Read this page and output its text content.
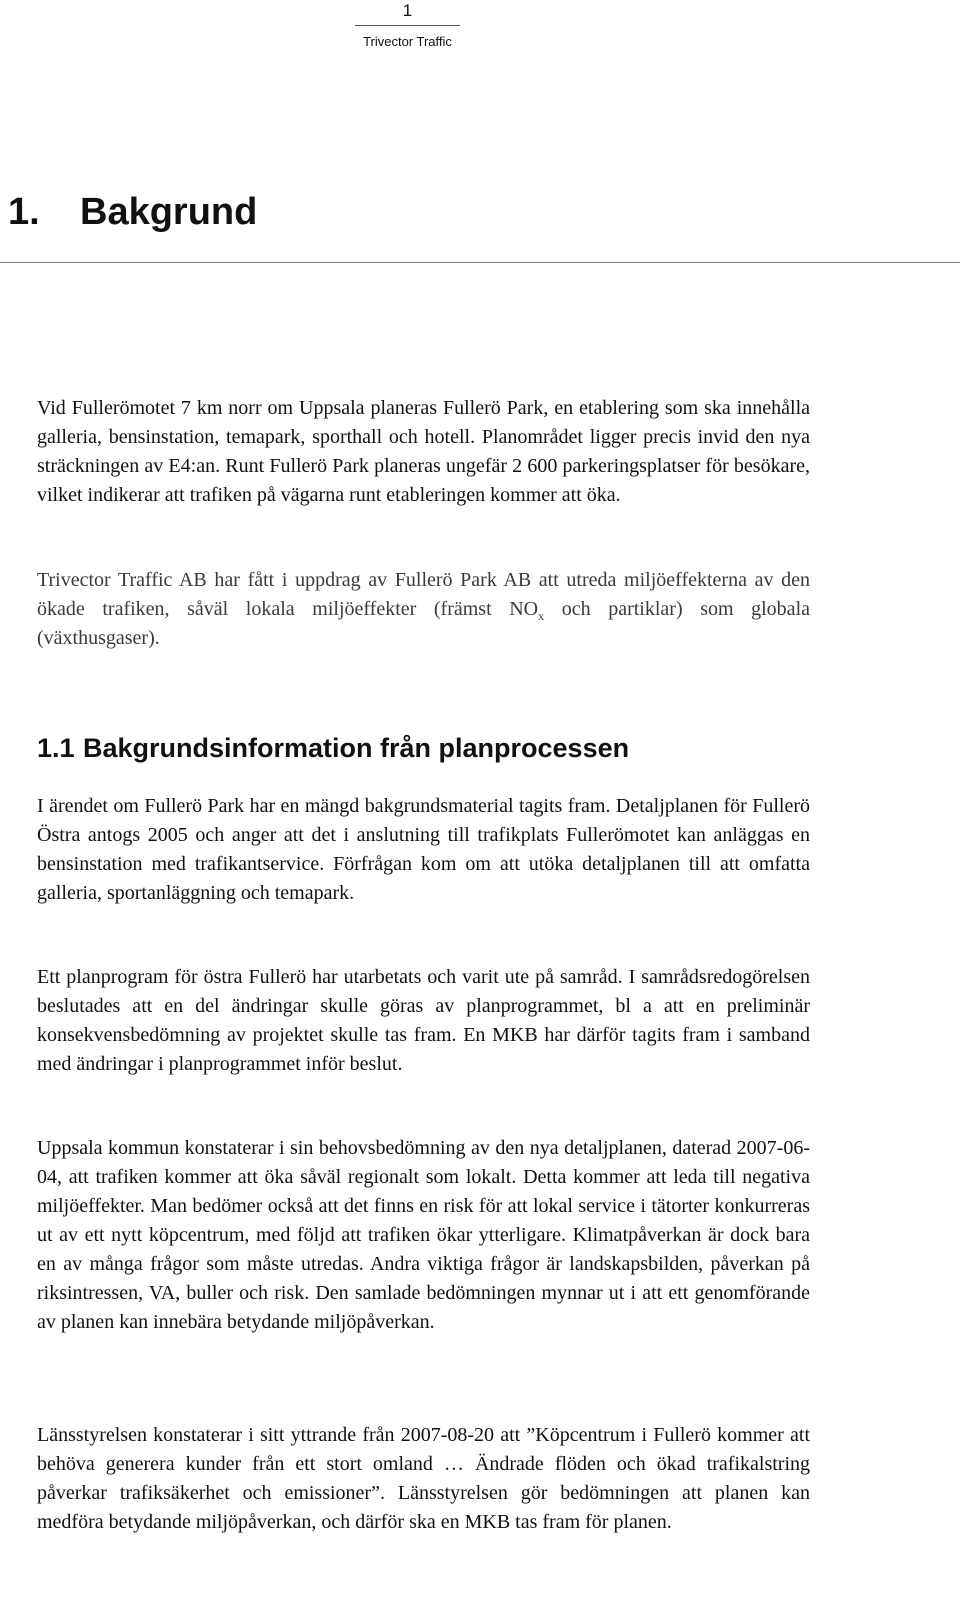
1
Trivector Traffic
1. Bakgrund

Vid Fullerömotet 7 km norr om Uppsala planeras Fullerö Park, en etablering som ska innehålla galleria, bensinstation, temapark, sporthall och hotell. Planområdet ligger precis invid den nya sträckningen av E4:an. Runt Fullerö Park planeras ungefär 2 600 parkeringsplatser för besökare, vilket indikerar att trafiken på vägarna runt etableringen kommer att öka.

Trivector Traffic AB har fått i uppdrag av Fullerö Park AB att utreda miljöeffekterna av den ökade trafiken, såväl lokala miljöeffekter (främst $NO_x$ och partiklar) som globala (växthusgaser).

1.1 Bakgrundsinformation från planprocessen

I ärendet om Fullerö Park har en mängd bakgrundsmaterial tagits fram. Detaljplanen för Fullerö Östra antogs 2005 och anger att det i anslutning till trafikplats Fullerömotet kan anläggas en bensinstation med trafikantservice. Förfrågan kom om att utöka detaljplanen till att omfatta galleria, sportanläggning och temapark.

Ett planprogram för östra Fullerö har utarbetats och varit ute på samråd. I samrådsredogörelsen beslutades att en del ändringar skulle göras av planprogrammet, bl a att en preliminär konsekvensbedömning av projektet skulle tas fram. En MKB har därför tagits fram i samband med ändringar i planprogrammet inför beslut.

Uppsala kommun konstaterar i sin behovsbedömning av den nya detaljplanen, daterad 2007-06-04, att trafiken kommer att öka såväl regionalt som lokalt. Detta kommer att leda till negativa miljöeffekter. Man bedömer också att det finns en risk för att lokal service i tätorter konkurreras ut av ett nytt köpcentrum, med följd att trafiken ökar ytterligare. Klimatpåverkan är dock bara en av många frågor som måste utredas. Andra viktiga frågor är landskapsbilden, påverkan på riksintressen, VA, buller och risk. Den samlade bedömningen mynnar ut i att ett genomförande av planen kan innebära betydande miljöpåverkan.

Länsstyrelsen konstaterar i sitt yttrande från 2007-08-20 att ”Köpcentrum i Fullerö kommer att behöva generera kunder från ett stort omland … Ändrade flöden och ökad trafikalstring påverkar trafiksäkerhet och emissioner”. Länsstyrelsen gör bedömningen att planen kan medföra betydande miljöpåverkan, och därför ska en MKB tas fram för planen.
